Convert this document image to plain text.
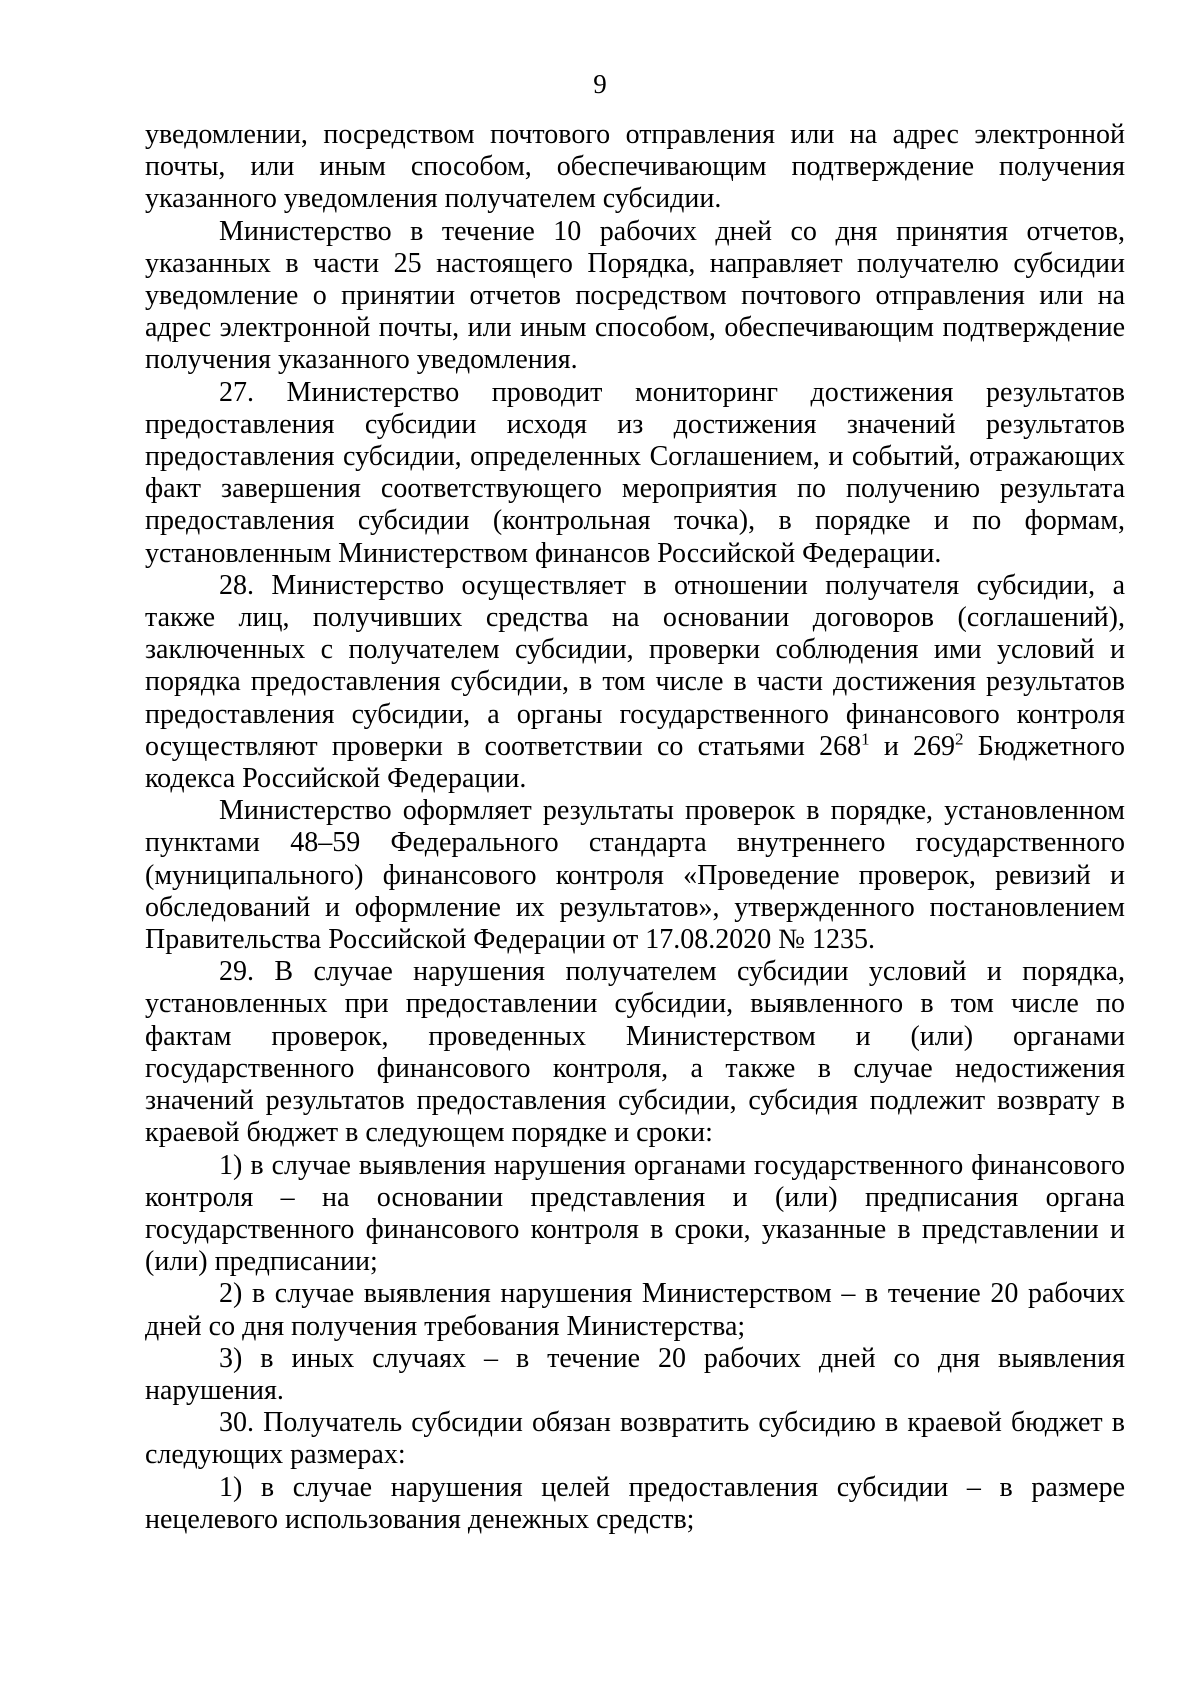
9

уведомлении, посредством почтового отправления или на адрес электронной почты, или иным способом, обеспечивающим подтверждение получения указанного уведомления получателем субсидии.

Министерство в течение 10 рабочих дней со дня принятия отчетов, указанных в части 25 настоящего Порядка, направляет получателю субсидии уведомление о принятии отчетов посредством почтового отправления или на адрес электронной почты, или иным способом, обеспечивающим подтверждение получения указанного уведомления.

27. Министерство проводит мониторинг достижения результатов предоставления субсидии исходя из достижения значений результатов предоставления субсидии, определенных Соглашением, и событий, отражающих факт завершения соответствующего мероприятия по получению результата предоставления субсидии (контрольная точка), в порядке и по формам, установленным Министерством финансов Российской Федерации.

28. Министерство осуществляет в отношении получателя субсидии, а также лиц, получивших средства на основании договоров (соглашений), заключенных с получателем субсидии, проверки соблюдения ими условий и порядка предоставления субсидии, в том числе в части достижения результатов предоставления субсидии, а органы государственного финансового контроля осуществляют проверки в соответствии со статьями $268^1$ и $269^2$ Бюджетного кодекса Российской Федерации.

Министерство оформляет результаты проверок в порядке, установленном пунктами 48–59 Федерального стандарта внутреннего государственного (муниципального) финансового контроля «Проведение проверок, ревизий и обследований и оформление их результатов», утвержденного постановлением Правительства Российской Федерации от 17.08.2020 № 1235.

29. В случае нарушения получателем субсидии условий и порядка, установленных при предоставлении субсидии, выявленного в том числе по фактам проверок, проведенных Министерством и (или) органами государственного финансового контроля, а также в случае недостижения значений результатов предоставления субсидии, субсидия подлежит возврату в краевой бюджет в следующем порядке и сроки:

1) в случае выявления нарушения органами государственного финансового контроля – на основании представления и (или) предписания органа государственного финансового контроля в сроки, указанные в представлении и (или) предписании;

2) в случае выявления нарушения Министерством – в течение 20 рабочих дней со дня получения требования Министерства;

3) в иных случаях – в течение 20 рабочих дней со дня выявления нарушения.

30. Получатель субсидии обязан возвратить субсидию в краевой бюджет в следующих размерах:

1) в случае нарушения целей предоставления субсидии – в размере нецелевого использования денежных средств;
